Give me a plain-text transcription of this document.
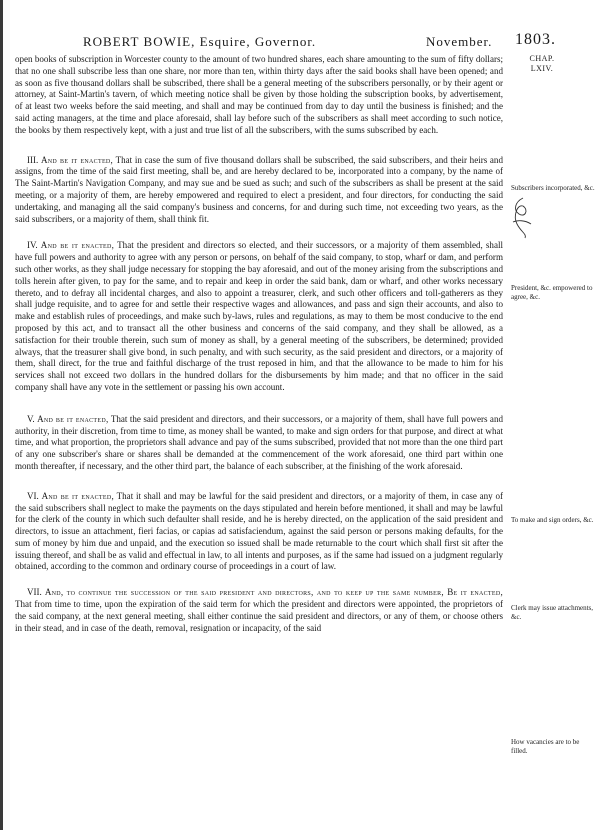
ROBERT BOWIE, Esquire, Governor.	November. 1803.
CHAP.
LXIV.

open books of subscription in Worcester county to the amount of two hundred shares, each share amounting to the sum of fifty dollars; that no one shall subscribe less than one share, nor more than ten, within thirty days after the said books shall have been opened; and as soon as five thousand dollars shall be subscribed, there shall be a general meeting of the subscribers personally, or by their agent or attorney, at Saint-Martin's tavern, of which meeting notice shall be given by those holding the subscription books, by advertisement, of at least two weeks before the said meeting, and shall and may be continued from day to day until the business is finished; and the said acting managers, at the time and place aforesaid, shall lay before such of the subscribers as shall meet according to such notice, the books by them respectively kept, with a just and true list of all the subscribers, with the sums subscribed by each.

III. And be it enacted, That in case the sum of five thousand dollars shall be subscribed, the said subscribers, and their heirs and assigns, from the time of the said first meeting, shall be, and are hereby declared to be, incorporated into a company, by the name of The Saint-Martin's Navigation Company, and may sue and be sued as such; and such of the subscribers as shall be present at the said meeting, or a majority of them, are hereby empowered and required to elect a president, and four directors, for conducting the said undertaking, and managing all the said company's business and concerns, for and during such time, not exceeding two years, as the said subscribers, or a majority of them, shall think fit.

IV. And be it enacted, That the president and directors so elected, and their successors, or a majority of them assembled, shall have full powers and authority to agree with any person or persons, on behalf of the said company, to stop, wharf or dam, and perform such other works, as they shall judge necessary for stopping the bay aforesaid, and out of the money arising from the subscriptions and tolls herein after given, to pay for the same, and to repair and keep in order the said bank, dam or wharf, and other works necessary thereto, and to defray all incidental charges, and also to appoint a treasurer, clerk, and such other officers and toll-gatherers as they shall judge requisite, and to agree for and settle their respective wages and allowances, and pass and sign their accounts, and also to make and establish rules of proceedings, and make such by-laws, rules and regulations, as may to them be most conducive to the end proposed by this act, and to transact all the other business and concerns of the said company, and they shall be allowed, as a satisfaction for their trouble therein, such sum of money as shall, by a general meeting of the subscribers, be determined; provided always, that the treasurer shall give bond, in such penalty, and with such security, as the said president and directors, or a majority of them, shall direct, for the true and faithful discharge of the trust reposed in him, and that the allowance to be made to him for his services shall not exceed two dollars in the hundred dollars for the disbursements by him made; and that no officer in the said company shall have any vote in the settlement or passing his own account.

V. And be it enacted, That the said president and directors, and their successors, or a majority of them, shall have full powers and authority, in their discretion, from time to time, as money shall be wanted, to make and sign orders for that purpose, and direct at what time, and what proportion, the proprietors shall advance and pay of the sums subscribed, provided that not more than the one third part of any one subscriber's share or shares shall be demanded at the commencement of the work aforesaid, one third part within one month thereafter, if necessary, and the other third part, the balance of each subscriber, at the finishing of the work aforesaid.

VI. And be it enacted, That it shall and may be lawful for the said president and directors, or a majority of them, in case any of the said subscribers shall neglect to make the payments on the days stipulated and herein before mentioned, it shall and may be lawful for the clerk of the county in which such defaulter shall reside, and he is hereby directed, on the application of the said president and directors, to issue an attachment, fieri facias, or capias ad satisfaciendum, against the said person or persons making defaults, for the sum of money by him due and unpaid, and the execution so issued shall be made returnable to the court which shall first sit after the issuing thereof, and shall be as valid and effectual in law, to all intents and purposes, as if the same had issued on a judgment regularly obtained, according to the common and ordinary course of proceedings in a court of law.

VII. And, to continue the succession of the said president and directors, and to keep up the same number, Be it enacted, That from time to time, upon the expiration of the said term for which the president and directors were appointed, the proprietors of the said company, at the next general meeting, shall either continue the said president and directors, or any of them, or choose others in their stead, and in case of the death, removal, resignation or incapacity, of the said

Subscribers incorporated, &c.
President, &c. empowered to agree, &c.
To make and sign orders, &c.
Clerk may issue attachments, &c.
How vacancies are to be filled.
